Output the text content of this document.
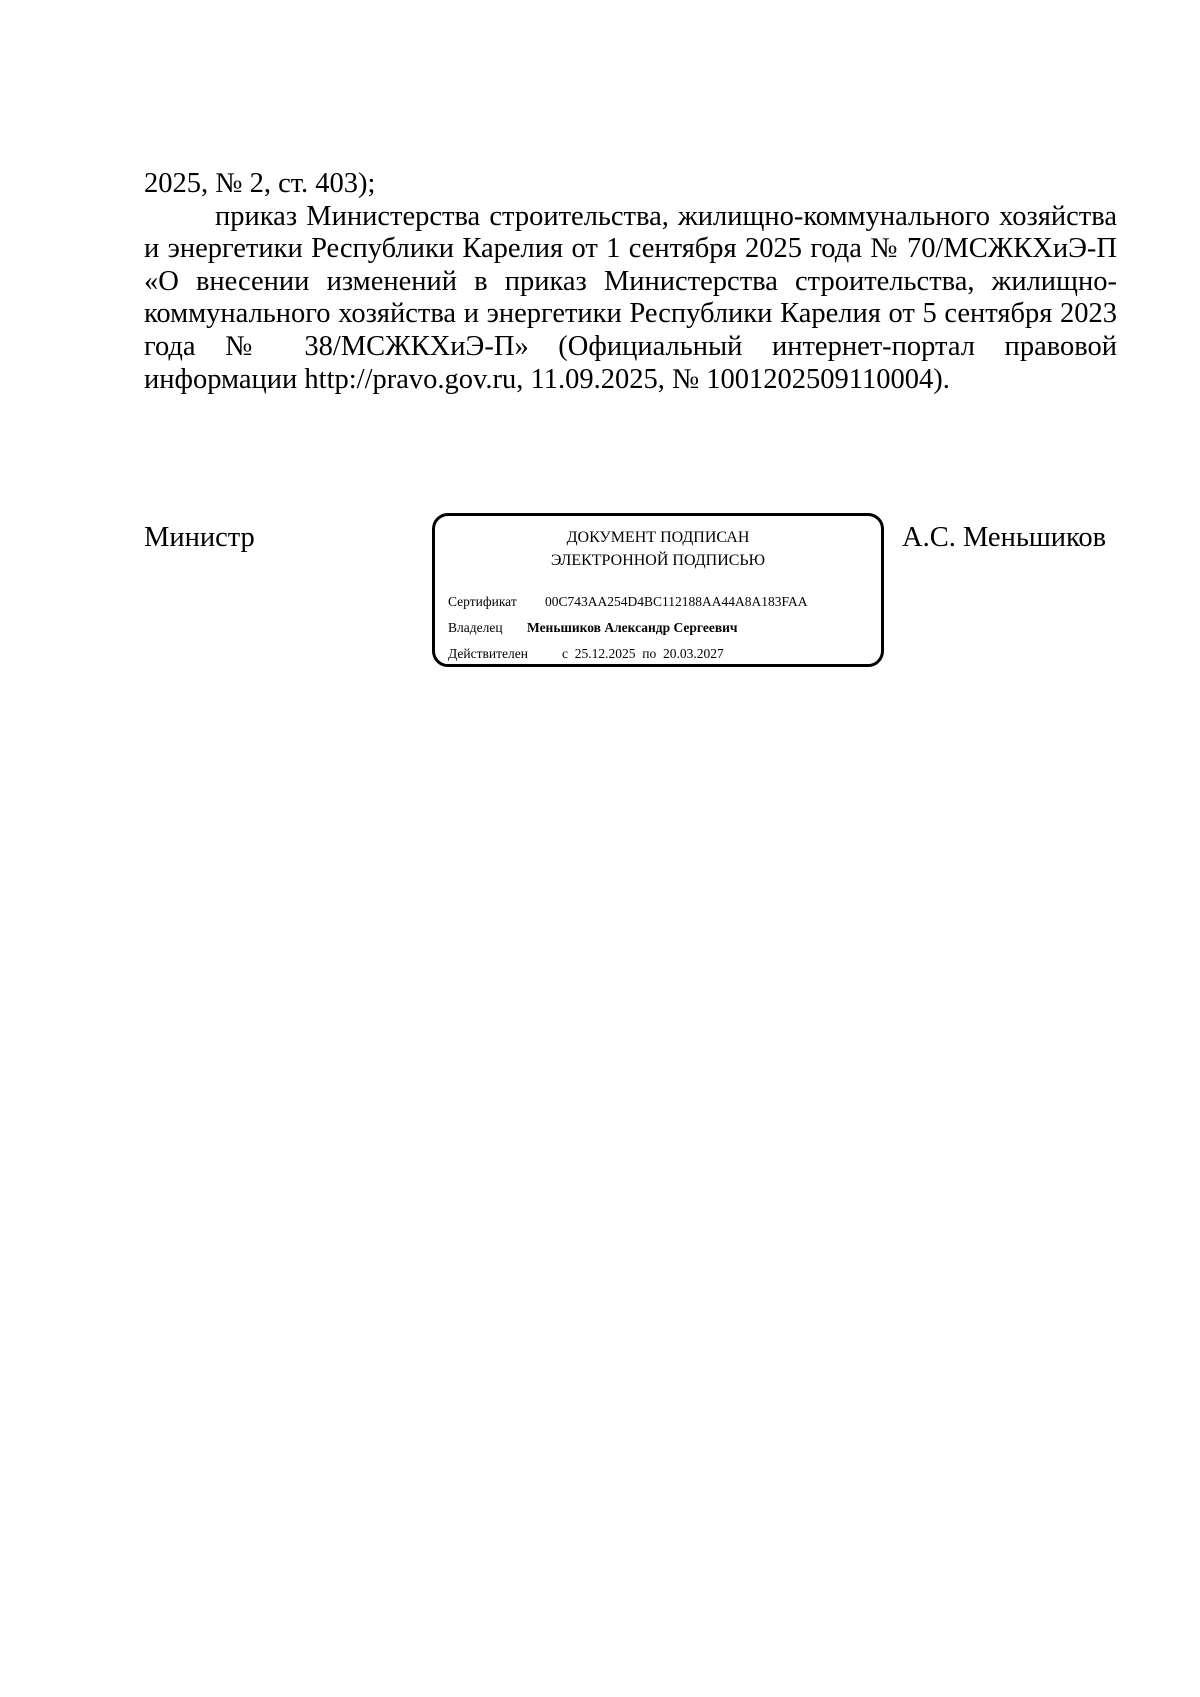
2025, № 2, ст. 403);

приказ Министерства строительства, жилищно-коммунального хозяйства и энергетики Республики Карелия от 1 сентября 2025 года № 70/МСЖКХиЭ-П «О внесении изменений в приказ Министерства строительства, жилищно-коммунального хозяйства и энергетики Республики Карелия от 5 сентября 2023 года № 38/МСЖКХиЭ-П» (Официальный интернет-портал правовой информации http://pravo.gov.ru, 11.09.2025, № 1001202509110004).

Министр	ДОКУМЕНТ ПОДПИСАН
ЭЛЕКТРОННОЙ ПОДПИСЬЮ
Сертификат 00C743AA254D4BC112188AA44A8A183FAA
Владелец Меньшиков Александр Сергеевич
Действителен	с 25.12.2025 по 20.03.2027

А.С. Меньшиков
